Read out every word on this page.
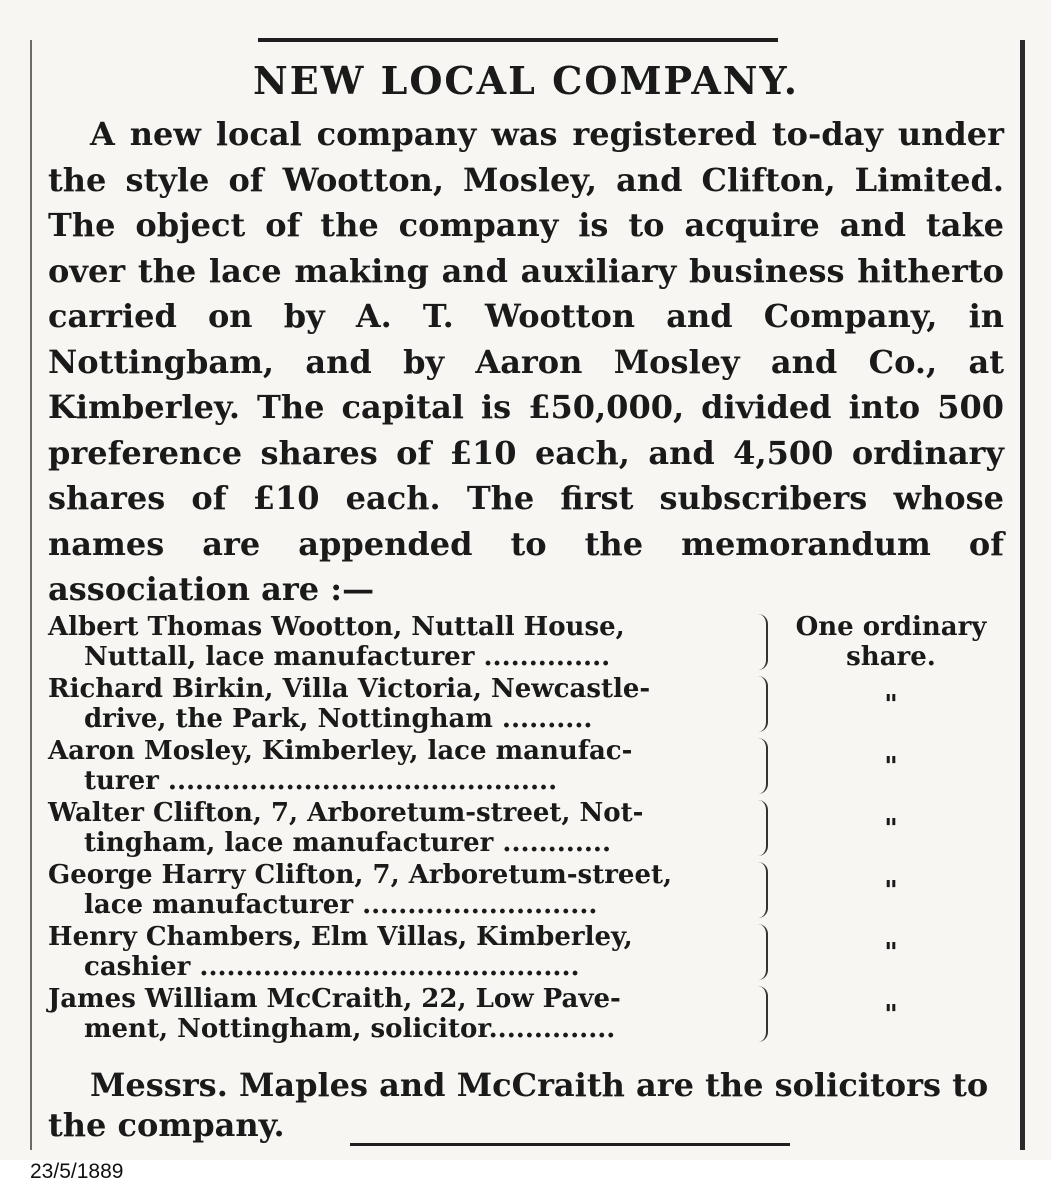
NEW LOCAL COMPANY.
A new local company was registered to-day under the style of Wootton, Mosley, and Clifton, Limited. The object of the company is to acquire and take over the lace making and auxiliary business hitherto carried on by A. T. Wootton and Company, in Nottingbam, and by Aaron Mosley and Co., at Kimberley. The capital is £50,000, divided into 500 preference shares of £10 each, and 4,500 ordinary shares of £10 each. The first subscribers whose names are appended to the memorandum of association are :—
Albert Thomas Wootton, Nuttall House,
Nuttall, lace manufacturer ..............
One ordinary share.
Richard Birkin, Villa Victoria, Newcastle-
drive, the Park, Nottingham ..........	"
Aaron Mosley, Kimberley, lace manufac-
turer ...........................................	"
Walter Clifton, 7, Arboretum-street, Not-
tingham, lace manufacturer ............	"
George Harry Clifton, 7, Arboretum-street,
lace manufacturer ..........................	"
Henry Chambers, Elm Villas, Kimberley,
cashier ..........................................	"
James William McCraith, 22, Low Pave-
ment, Nottingham, solicitor..............	"
Messrs. Maples and McCraith are the solicitors to the company.
23/5/1889
